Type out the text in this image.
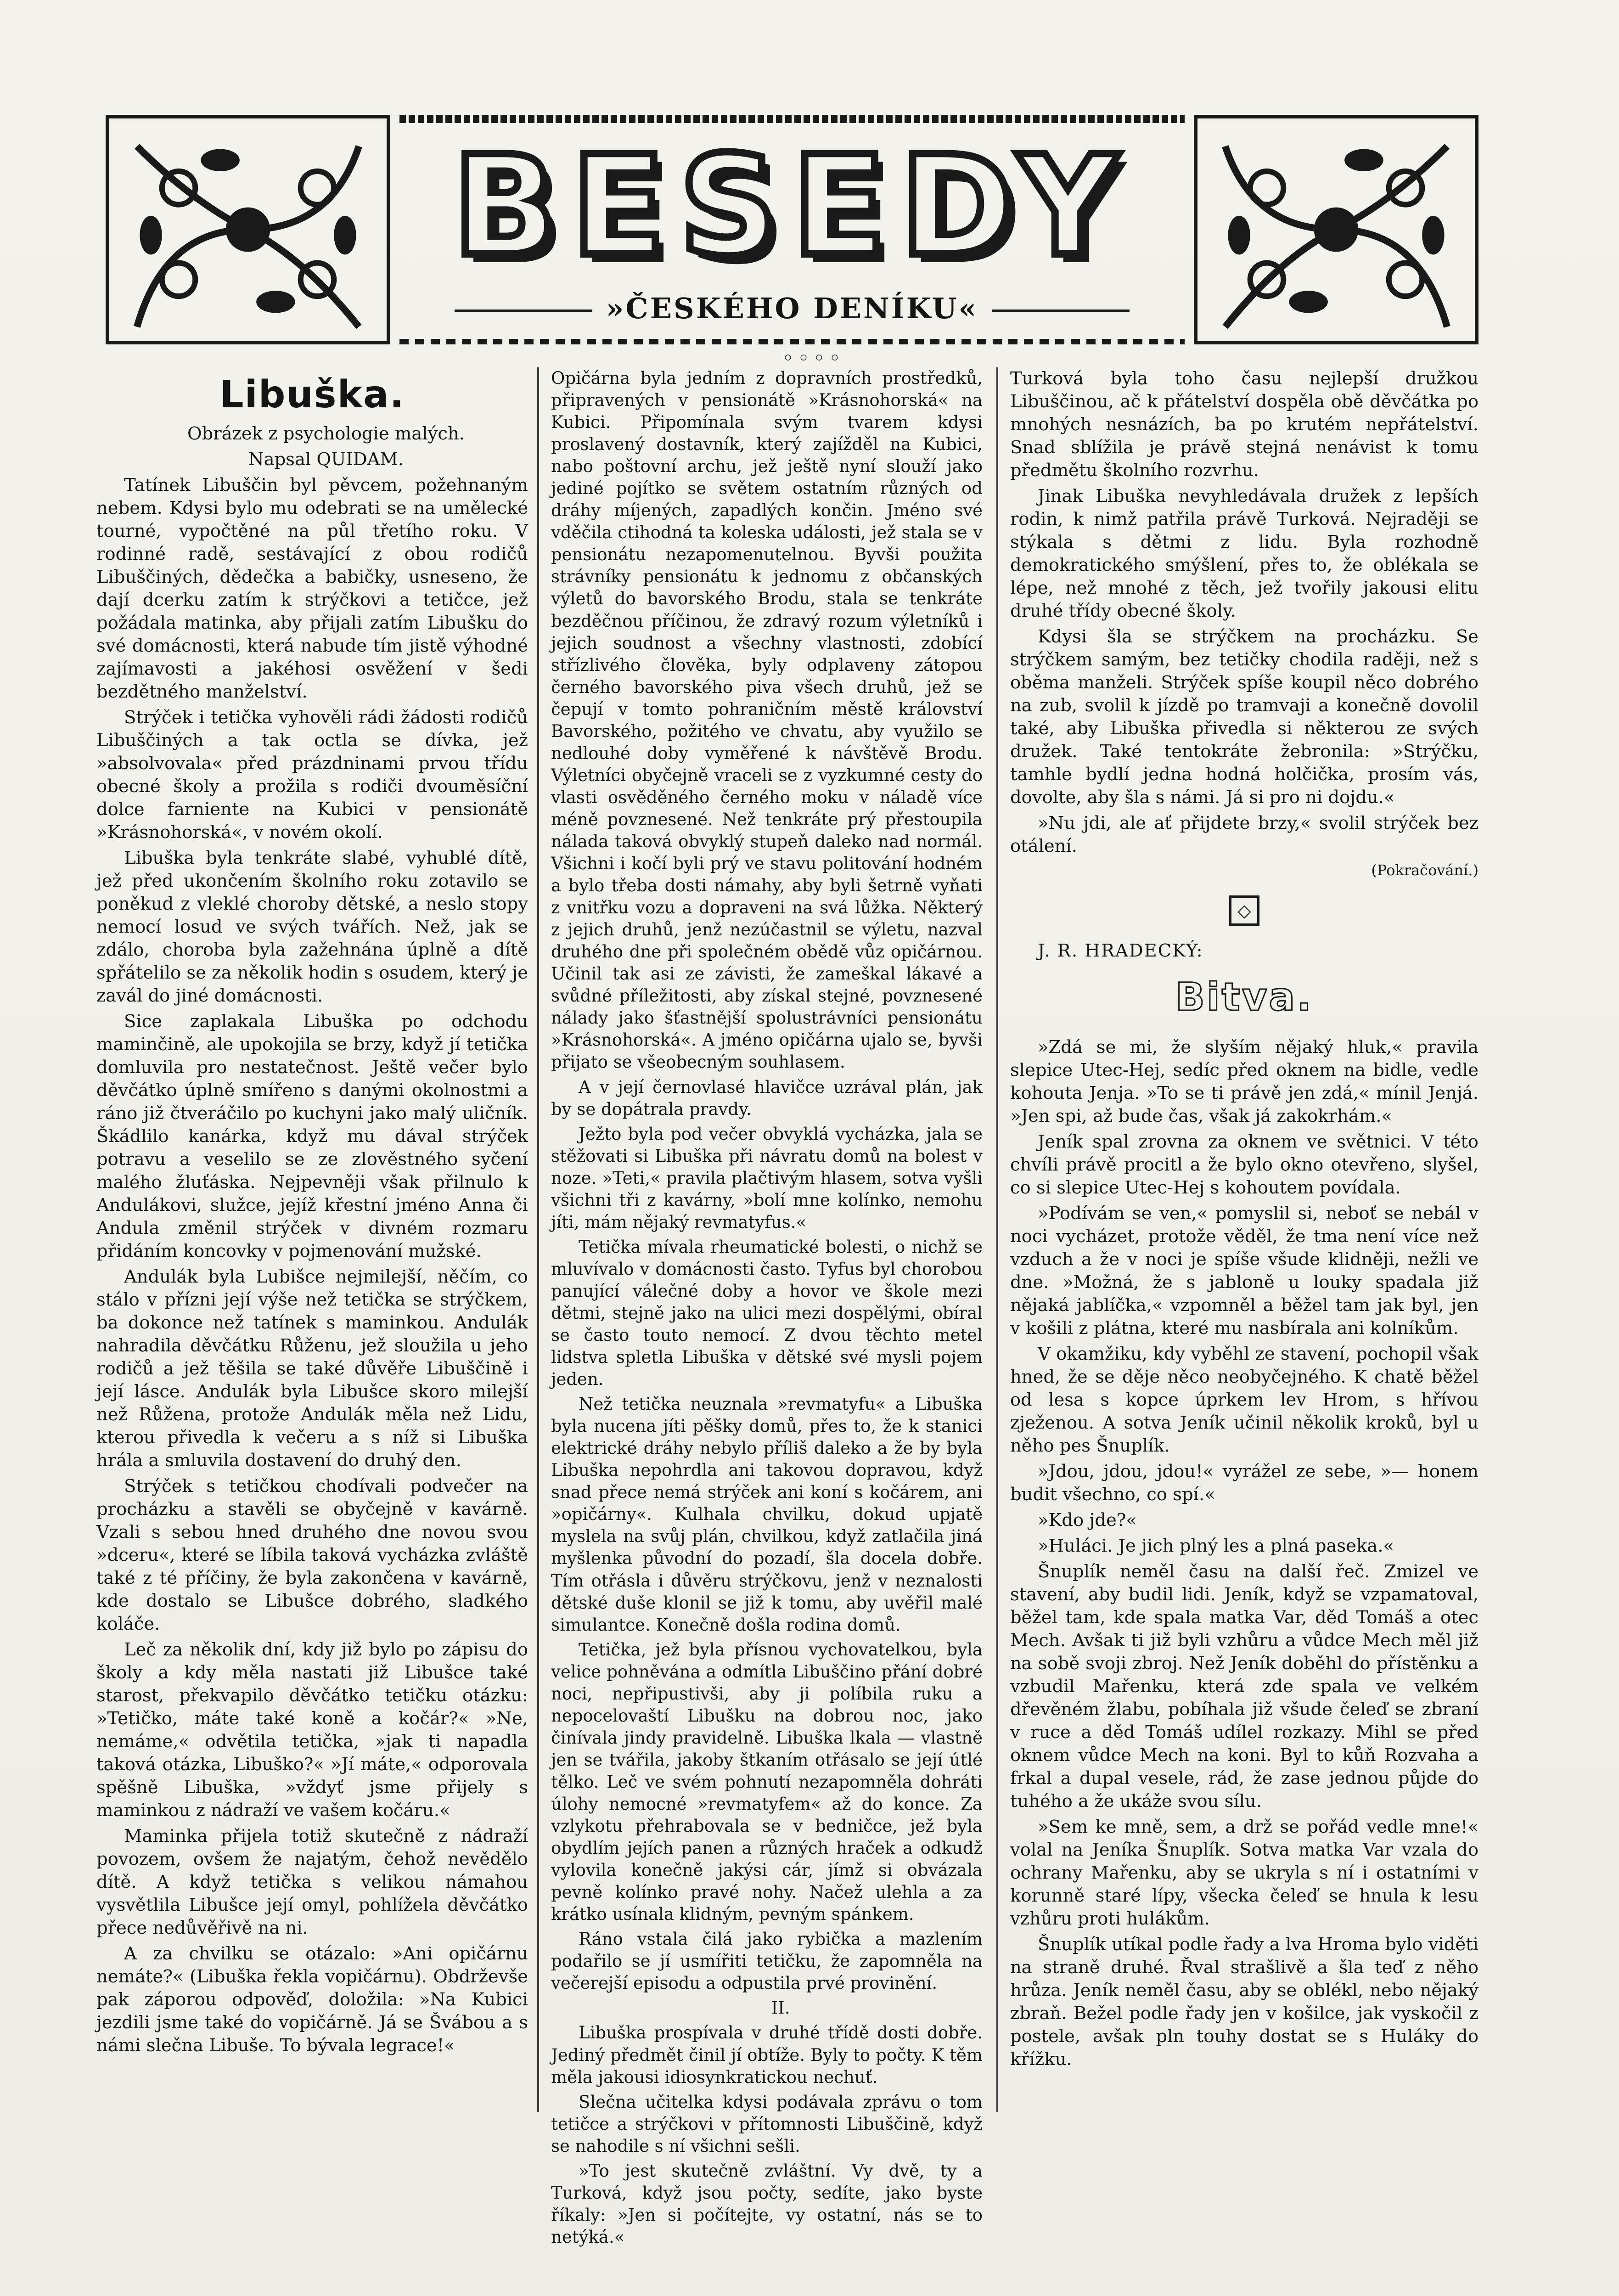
BESEDY
»ČESKÉHO DENÍKU«
◦◦◦◦
Libuška.

Obrázek z psychologie malých.

Napsal QUIDAM.

Tatínek Libuščin byl pěvcem, požehnaným nebem. Kdysi bylo mu odebrati se na umělecké tourné, vypočtěné na půl třetího roku. V rodinné radě, sestávající z obou rodičů Libuščiných, dědečka a babičky, usneseno, že dají dcerku zatím k strýčkovi a tetičce, jež požádala matinka, aby přijali zatím Libušku do své domácnosti, která nabude tím jistě výhodné zajímavosti a jakéhosi osvěžení v šedi bezdětného manželství.

Strýček i tetička vyhověli rádi žádosti rodičů Libuščiných a tak octla se dívka, jež »absolvovala« před prázdninami prvou třídu obecné školy a prožila s rodiči dvouměsíční dolce farniente na Kubici v pensionátě »Krásnohorská«, v novém okolí.

Libuška byla tenkráte slabé, vyhublé dítě, jež před ukončením školního roku zotavilo se poněkud z vleklé choroby dětské, a neslo stopy nemocí losud ve svých tvářích. Než, jak se zdálo, choroba byla zažehnána úplně a dítě spřátelilo se za několik hodin s osudem, který je zavál do jiné domácnosti.

Sice zaplakala Libuška po odchodu maminčině, ale upokojila se brzy, když jí tetička domluvila pro nestatečnost. Ještě večer bylo děvčátko úplně smířeno s danými okolnostmi a ráno již čtveráčilo po kuchyni jako malý uličník. Škádlilo kanárka, když mu dával strýček potravu a veselilo se ze zlověstného syčení malého žluťáska. Nejpevněji však přilnulo k Andulákovi, služce, jejíž křestní jméno Anna či Andula změnil strýček v divném rozmaru přidáním koncovky v pojmenování mužské.

Andulák byla Lubišce nejmilejší, něčím, co stálo v přízni její výše než tetička se strýčkem, ba dokonce než tatínek s maminkou. Andulák nahradila děvčátku Růženu, jež sloužila u jeho rodičů a jež těšila se také důvěře Libuščině i její lásce. Andulák byla Libušce skoro milejší než Růžena, protože Andulák měla než Lidu, kterou přivedla k večeru a s níž si Libuška hrála a smluvila dostavení do druhý den.

Strýček s tetičkou chodívali podvečer na procházku a stavěli se obyčejně v kavárně. Vzali s sebou hned druhého dne novou svou »dceru«, které se líbila taková vycházka zvláště také z té příčiny, že byla zakončena v kavárně, kde dostalo se Libušce dobrého, sladkého koláče.

Leč za několik dní, kdy již bylo po zápisu do školy a kdy měla nastati již Libušce také starost, překvapilo děvčátko tetičku otázku: »Tetičko, máte také koně a kočár?« »Ne, nemáme,« odvětila tetička, »jak ti napadla taková otázka, Libuško?« »Jí máte,« odporovala spěšně Libuška, »vždyť jsme přijely s maminkou z nádraží ve vašem kočáru.«

Maminka přijela totiž skutečně z nádraží povozem, ovšem že najatým, čehož nevědělo dítě. A když tetička s velikou námahou vysvětlila Libušce její omyl, pohlížela děvčátko přece nedůvěřivě na ni.

A za chvilku se otázalo: »Ani opičárnu nemáte?« (Libuška řekla vopičárnu). Obdrževše pak záporou odpověď, doložila: »Na Kubici jezdili jsme také do vopičárně. Já se Švábou a s námi slečna Libuše. To bývala legrace!«

Opičárna byla jedním z dopravních prostředků, připravených v pensionátě »Krásnohorská« na Kubici. Připomínala svým tvarem kdysi proslavený dostavník, který zajížděl na Kubici, nabo poštovní archu, jež ještě nyní slouží jako jediné pojítko se světem ostatním různých od dráhy míjených, zapadlých končin. Jméno své vděčila ctihodná ta koleska události, jež stala se v pensionátu nezapomenutelnou. Byvši použita strávníky pensionátu k jednomu z občanských výletů do bavorského Brodu, stala se tenkráte bezděčnou příčinou, že zdravý rozum výletníků i jejich soudnost a všechny vlastnosti, zdobící střízlivého člověka, byly odplaveny zátopou černého bavorského piva všech druhů, jež se čepují v tomto pohraničním městě království Bavorského, požitého ve chvatu, aby využilo se nedlouhé doby vyměřené k návštěvě Brodu. Výletníci obyčejně vraceli se z vyzkumné cesty do vlasti osvěděného černého moku v náladě více méně povznesené. Než tenkráte prý přestoupila nálada taková obvyklý stupeň daleko nad normál. Všichni i kočí byli prý ve stavu politování hodném a bylo třeba dosti námahy, aby byli šetrně vyňati z vnitřku vozu a dopraveni na svá lůžka. Některý z jejich druhů, jenž nezúčastnil se výletu, nazval druhého dne při společném obědě vůz opičárnou. Učinil tak asi ze závisti, že zameškal lákavé a svůdné příležitosti, aby získal stejné, povznesené nálady jako šťastnější spolustrávníci pensionátu »Krásnohorská«. A jméno opičárna ujalo se, byvši přijato se všeobecným souhlasem.

A v její černovlasé hlavičce uzrával plán, jak by se dopátrala pravdy.

Ježto byla pod večer obvyklá vycházka, jala se stěžovati si Libuška při návratu domů na bolest v noze. »Teti,« pravila plačtivým hlasem, sotva vyšli všichni tři z kavárny, »bolí mne kolínko, nemohu jíti, mám nějaký revmatyfus.«

Tetička mívala rheumatické bolesti, o nichž se mluvívalo v domácnosti často. Tyfus byl chorobou panující válečné doby a hovor ve škole mezi dětmi, stejně jako na ulici mezi dospělými, obíral se často touto nemocí. Z dvou těchto metel lidstva spletla Libuška v dětské své mysli pojem jeden.

Než tetička neuznala »revmatyfu« a Libuška byla nucena jíti pěšky domů, přes to, že k stanici elektrické dráhy nebylo příliš daleko a že by byla Libuška nepohrdla ani takovou dopravou, když snad přece nemá strýček ani koní s kočárem, ani »opičárny«. Kulhala chvilku, dokud upjatě myslela na svůj plán, chvilkou, když zatlačila jiná myšlenka původní do pozadí, šla docela dobře. Tím otřásla i důvěru strýčkovu, jenž v neznalosti dětské duše klonil se již k tomu, aby uvěřil malé simulantce. Konečně došla rodina domů.

Tetička, jež byla přísnou vychovatelkou, byla velice pohněvána a odmítla Libuščino přání dobré noci, nepřipustivši, aby ji políbila ruku a nepocelovaští Libušku na dobrou noc, jako činívala jindy pravidelně. Libuška lkala — vlastně jen se tvářila, jakoby štkaním otřásalo se její útlé tělko. Leč ve svém pohnutí nezapomněla dohráti úlohy nemocné »revmatyfem« až do konce. Za vzlykotu přehrabovala se v bedničce, jež byla obydlím jejích panen a různých hraček a odkudž vylovila konečně jakýsi cár, jímž si obvázala pevně kolínko pravé nohy. Načež ulehla a za krátko usínala klidným, pevným spánkem.

Ráno vstala čilá jako rybička a mazlením podařilo se jí usmířiti tetičku, že zapomněla na večerejší episodu a odpustila prvé provinění.

II.

Libuška prospívala v druhé třídě dosti dobře. Jediný předmět činil jí obtíže. Byly to počty. K těm měla jakousi idiosynkratickou nechuť.

Slečna učitelka kdysi podávala zprávu o tom tetičce a strýčkovi v přítomnosti Libuščině, když se nahodile s ní všichni sešli.

»To jest skutečně zvláštní. Vy dvě, ty a Turková, když jsou počty, sedíte, jako byste říkaly: »Jen si počítejte, vy ostatní, nás se to netýká.«

Turková byla toho času nejlepší družkou Libuščinou, ač k přátelství dospěla obě děvčátka po mnohých nesnázích, ba po krutém nepřátelství. Snad sblížila je právě stejná nenávist k tomu předmětu školního rozvrhu.

Jinak Libuška nevyhledávala družek z lepších rodin, k nimž patřila právě Turková. Nejraději se stýkala s dětmi z lidu. Byla rozhodně demokratického smýšlení, přes to, že oblékala se lépe, než mnohé z těch, jež tvořily jakousi elitu druhé třídy obecné školy.

Kdysi šla se strýčkem na procházku. Se strýčkem samým, bez tetičky chodila raději, než s oběma manželi. Strýček spíše koupil něco dobrého na zub, svolil k jízdě po tramvaji a konečně dovolil také, aby Libuška přivedla si některou ze svých družek. Také tentokráte žebronila: »Strýčku, tamhle bydlí jedna hodná holčička, prosím vás, dovolte, aby šla s námi. Já si pro ni dojdu.«

»Nu jdi, ale ať přijdete brzy,« svolil strýček bez otálení.

(Pokračování.)
◇

J. R. HRADECKÝ:

Bitva.

»Zdá se mi, že slyším nějaký hluk,« pravila slepice Utec-Hej, sedíc před oknem na bidle, vedle kohouta Jenja. »To se ti právě jen zdá,« mínil Jenjá. »Jen spi, až bude čas, však já zakokrhám.«

Jeník spal zrovna za oknem ve světnici. V této chvíli právě procitl a že bylo okno otevřeno, slyšel, co si slepice Utec-Hej s kohoutem povídala.

»Podívám se ven,« pomyslil si, neboť se nebál v noci vycházet, protože věděl, že tma není více než vzduch a že v noci je spíše všude klidněji, nežli ve dne. »Možná, že s jabloně u louky spadala již nějaká jablíčka,« vzpomněl a běžel tam jak byl, jen v košili z plátna, které mu nasbírala ani kolníkům.

V okamžiku, kdy vyběhl ze stavení, pochopil však hned, že se děje něco neobyčejného. K chatě běžel od lesa s kopce úprkem lev Hrom, s hřívou zježenou. A sotva Jeník učinil několik kroků, byl u něho pes Šnuplík.

»Jdou, jdou, jdou!« vyrážel ze sebe, »— honem budit všechno, co spí.«

»Kdo jde?«

»Huláci. Je jich plný les a plná paseka.«

Šnuplík neměl času na další řeč. Zmizel ve stavení, aby budil lidi. Jeník, když se vzpamatoval, běžel tam, kde spala matka Var, děd Tomáš a otec Mech. Avšak ti již byli vzhůru a vůdce Mech měl již na sobě svoji zbroj. Než Jeník doběhl do přístěnku a vzbudil Mařenku, která zde spala ve velkém dřevěném žlabu, pobíhala již všude čeleď se zbraní v ruce a děd Tomáš udílel rozkazy. Mihl se před oknem vůdce Mech na koni. Byl to kůň Rozvaha a frkal a dupal vesele, rád, že zase jednou půjde do tuhého a že ukáže svou sílu.

»Sem ke mně, sem, a drž se pořád vedle mne!« volal na Jeníka Šnuplík. Sotva matka Var vzala do ochrany Mařenku, aby se ukryla s ní i ostatními v korunně staré lípy, všecka čeleď se hnula k lesu vzhůru proti hulákům.

Šnuplík utíkal podle řady a lva Hroma bylo viděti na straně druhé. Řval strašlivě a šla teď z něho hrůza. Jeník neměl času, aby se oblékl, nebo nějaký zbraň. Bežel podle řady jen v košilce, jak vyskočil z postele, avšak pln touhy dostat se s Huláky do křížku.
